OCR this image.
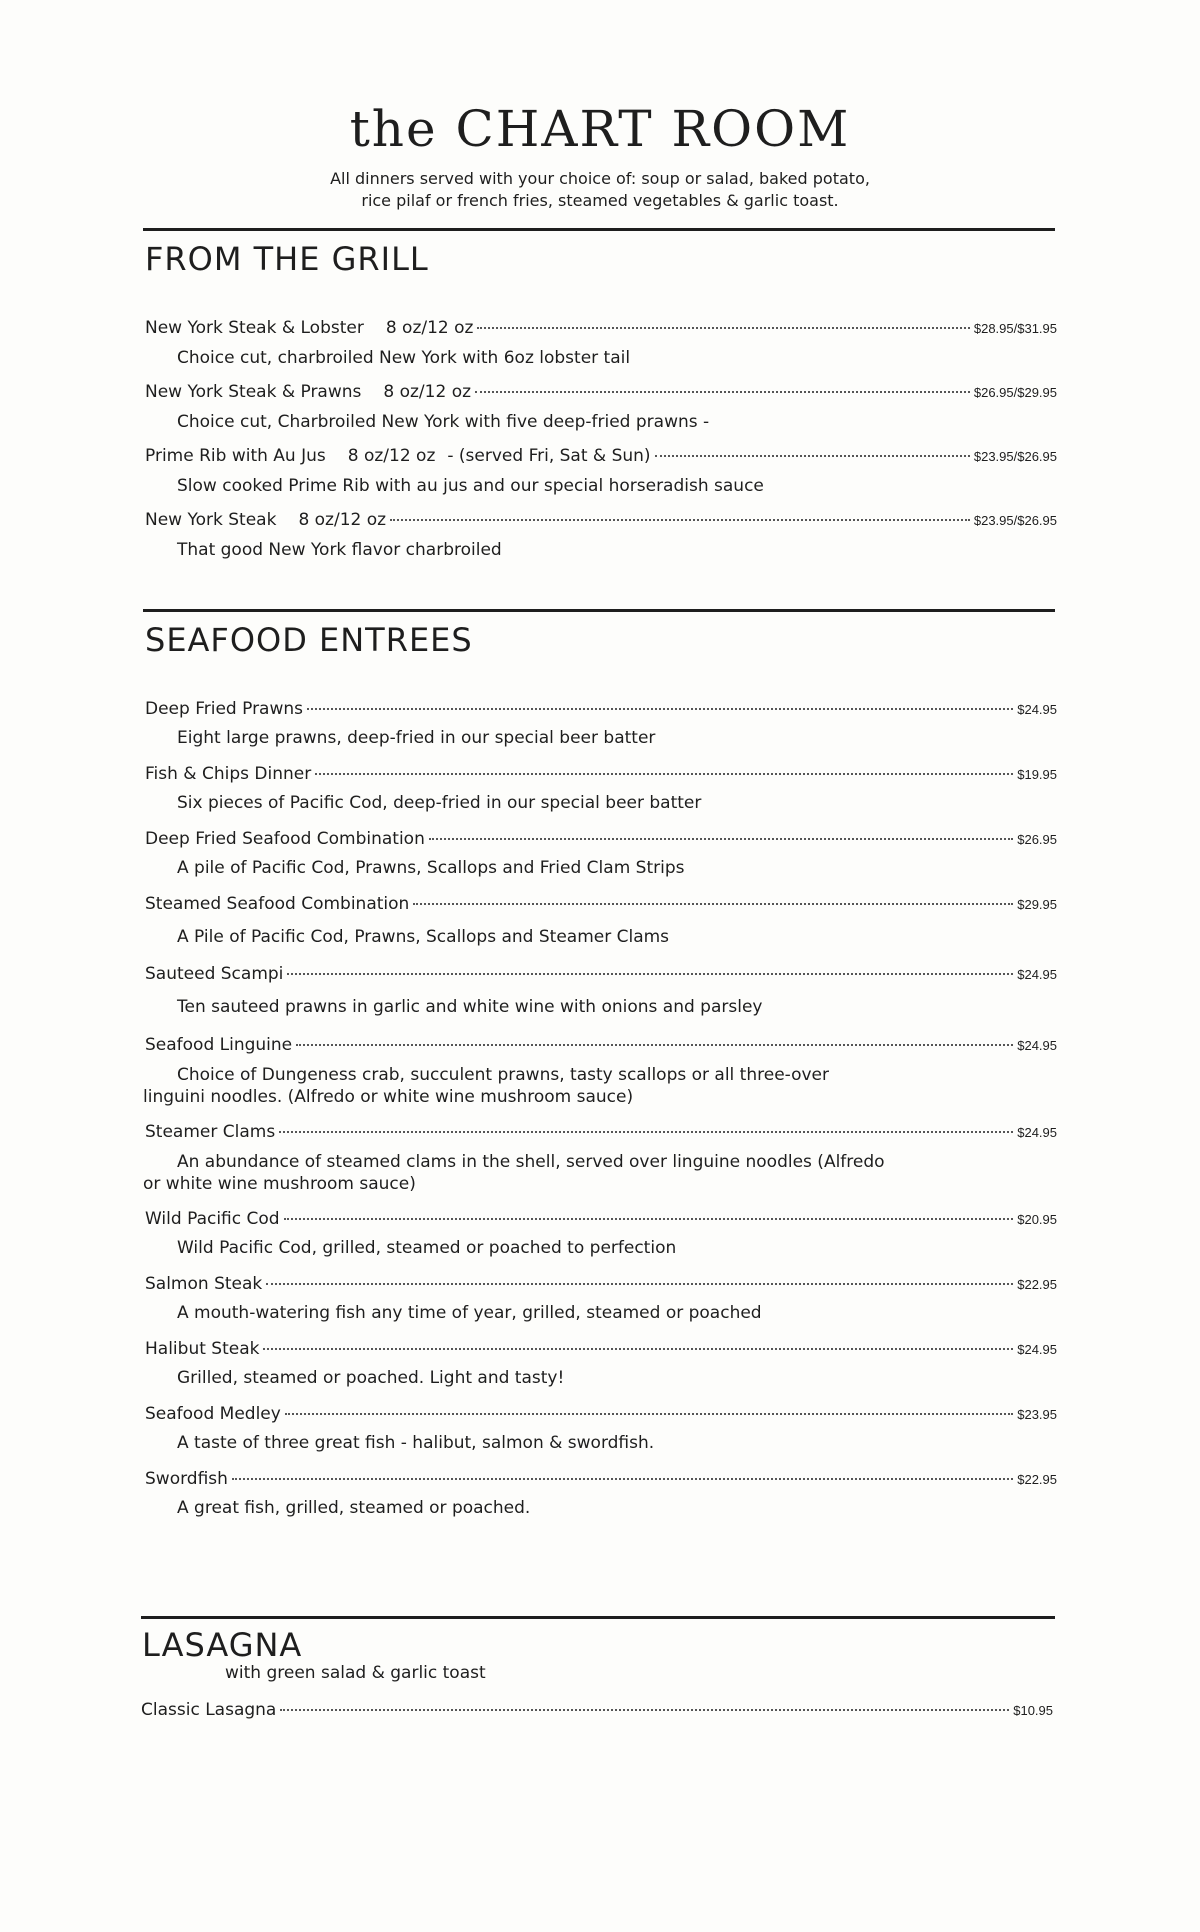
the CHART ROOM
All dinners served with your choice of: soup or salad, baked potato,
rice pilaf or french fries, steamed vegetables & garlic toast.
FROM THE GRILL
New York Steak & Lobster 8 oz/12 oz	$28.95/$31.95
Choice cut, charbroiled New York with 6oz lobster tail
New York Steak & Prawns 8 oz/12 oz	$26.95/$29.95
Choice cut, Charbroiled New York with five deep-fried prawns -
Prime Rib with Au Jus 8 oz/12 oz - (served Fri, Sat & Sun)	$23.95/$26.95
Slow cooked Prime Rib with au jus and our special horseradish sauce
New York Steak 8 oz/12 oz	$23.95/$26.95
That good New York flavor charbroiled
SEAFOOD ENTREES
Deep Fried Prawns	$24.95
Eight large prawns, deep-fried in our special beer batter
Fish & Chips Dinner	$19.95
Six pieces of Pacific Cod, deep-fried in our special beer batter
Deep Fried Seafood Combination	$26.95
A pile of Pacific Cod, Prawns, Scallops and Fried Clam Strips
Steamed Seafood Combination	$29.95
A Pile of Pacific Cod, Prawns, Scallops and Steamer Clams
Sauteed Scampi	$24.95
Ten sauteed prawns in garlic and white wine with onions and parsley
Seafood Linguine	$24.95
Choice of Dungeness crab, succulent prawns, tasty scallops or all three-over
linguini noodles. (Alfredo or white wine mushroom sauce)
Steamer Clams	$24.95
An abundance of steamed clams in the shell, served over linguine noodles (Alfredo
or white wine mushroom sauce)
Wild Pacific Cod	$20.95
Wild Pacific Cod, grilled, steamed or poached to perfection
Salmon Steak	$22.95
A mouth-watering fish any time of year, grilled, steamed or poached
Halibut Steak	$24.95
Grilled, steamed or poached. Light and tasty!
Seafood Medley	$23.95
A taste of three great fish - halibut, salmon & swordfish.
Swordfish	$22.95
A great fish, grilled, steamed or poached.
LASAGNA
with green salad & garlic toast
Classic Lasagna	$10.95
